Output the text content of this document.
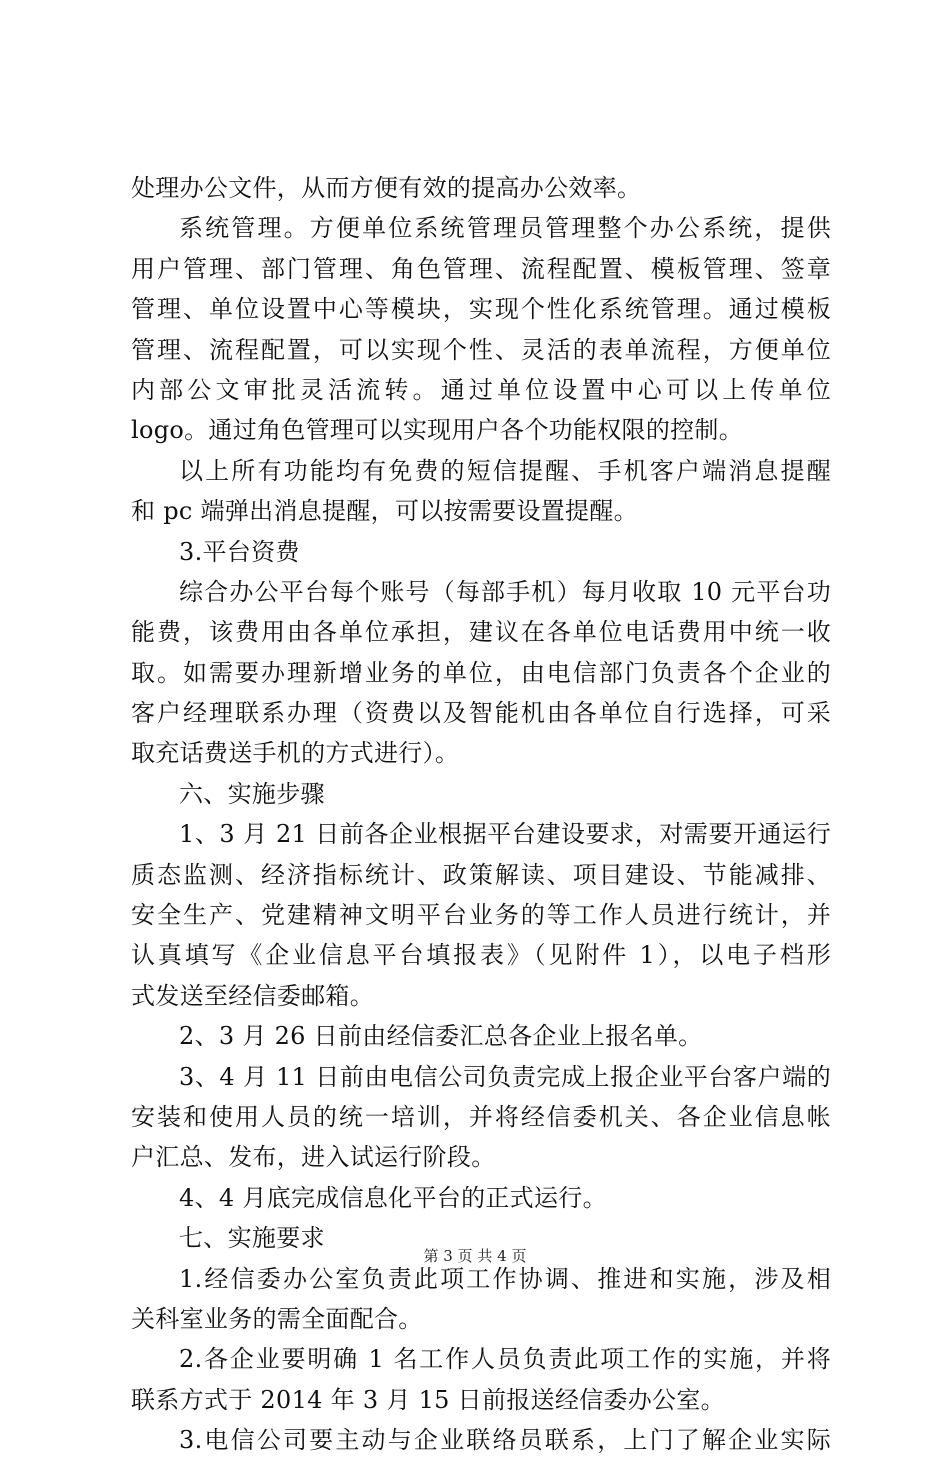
处理办公文件，从而方便有效的提高办公效率。
系统管理。方便单位系统管理员管理整个办公系统，提供
用户管理、部门管理、角色管理、流程配置、模板管理、签章
管理、单位设置中心等模块，实现个性化系统管理。通过模板
管理、流程配置，可以实现个性、灵活的表单流程，方便单位
内部公文审批灵活流转。通过单位设置中心可以上传单位
logo。通过角色管理可以实现用户各个功能权限的控制。
以上所有功能均有免费的短信提醒、手机客户端消息提醒
和 pc 端弹出消息提醒，可以按需要设置提醒。
3.平台资费
综合办公平台每个账号（每部手机）每月收取 10 元平台功
能费，该费用由各单位承担，建议在各单位电话费用中统一收
取。如需要办理新增业务的单位，由电信部门负责各个企业的
客户经理联系办理（资费以及智能机由各单位自行选择，可采
取充话费送手机的方式进行）。
六、实施步骤
1、3 月 21 日前各企业根据平台建设要求，对需要开通运行
质态监测、经济指标统计、政策解读、项目建设、节能减排、
安全生产、党建精神文明平台业务的等工作人员进行统计，并
认真填写《企业信息平台填报表》（见附件 1），以电子档形
式发送至经信委邮箱。
2、3 月 26 日前由经信委汇总各企业上报名单。
3、4 月 11 日前由电信公司负责完成上报企业平台客户端的
安装和使用人员的统一培训，并将经信委机关、各企业信息帐
户汇总、发布，进入试运行阶段。
4、4 月底完成信息化平台的正式运行。
七、实施要求
1.经信委办公室负责此项工作协调、推进和实施，涉及相
关科室业务的需全面配合。
2.各企业要明确 1 名工作人员负责此项工作的实施，并将
联系方式于 2014 年 3 月 15 日前报送经信委办公室。
3.电信公司要主动与企业联络员联系，上门了解企业实际
第 3 页 共 4 页
